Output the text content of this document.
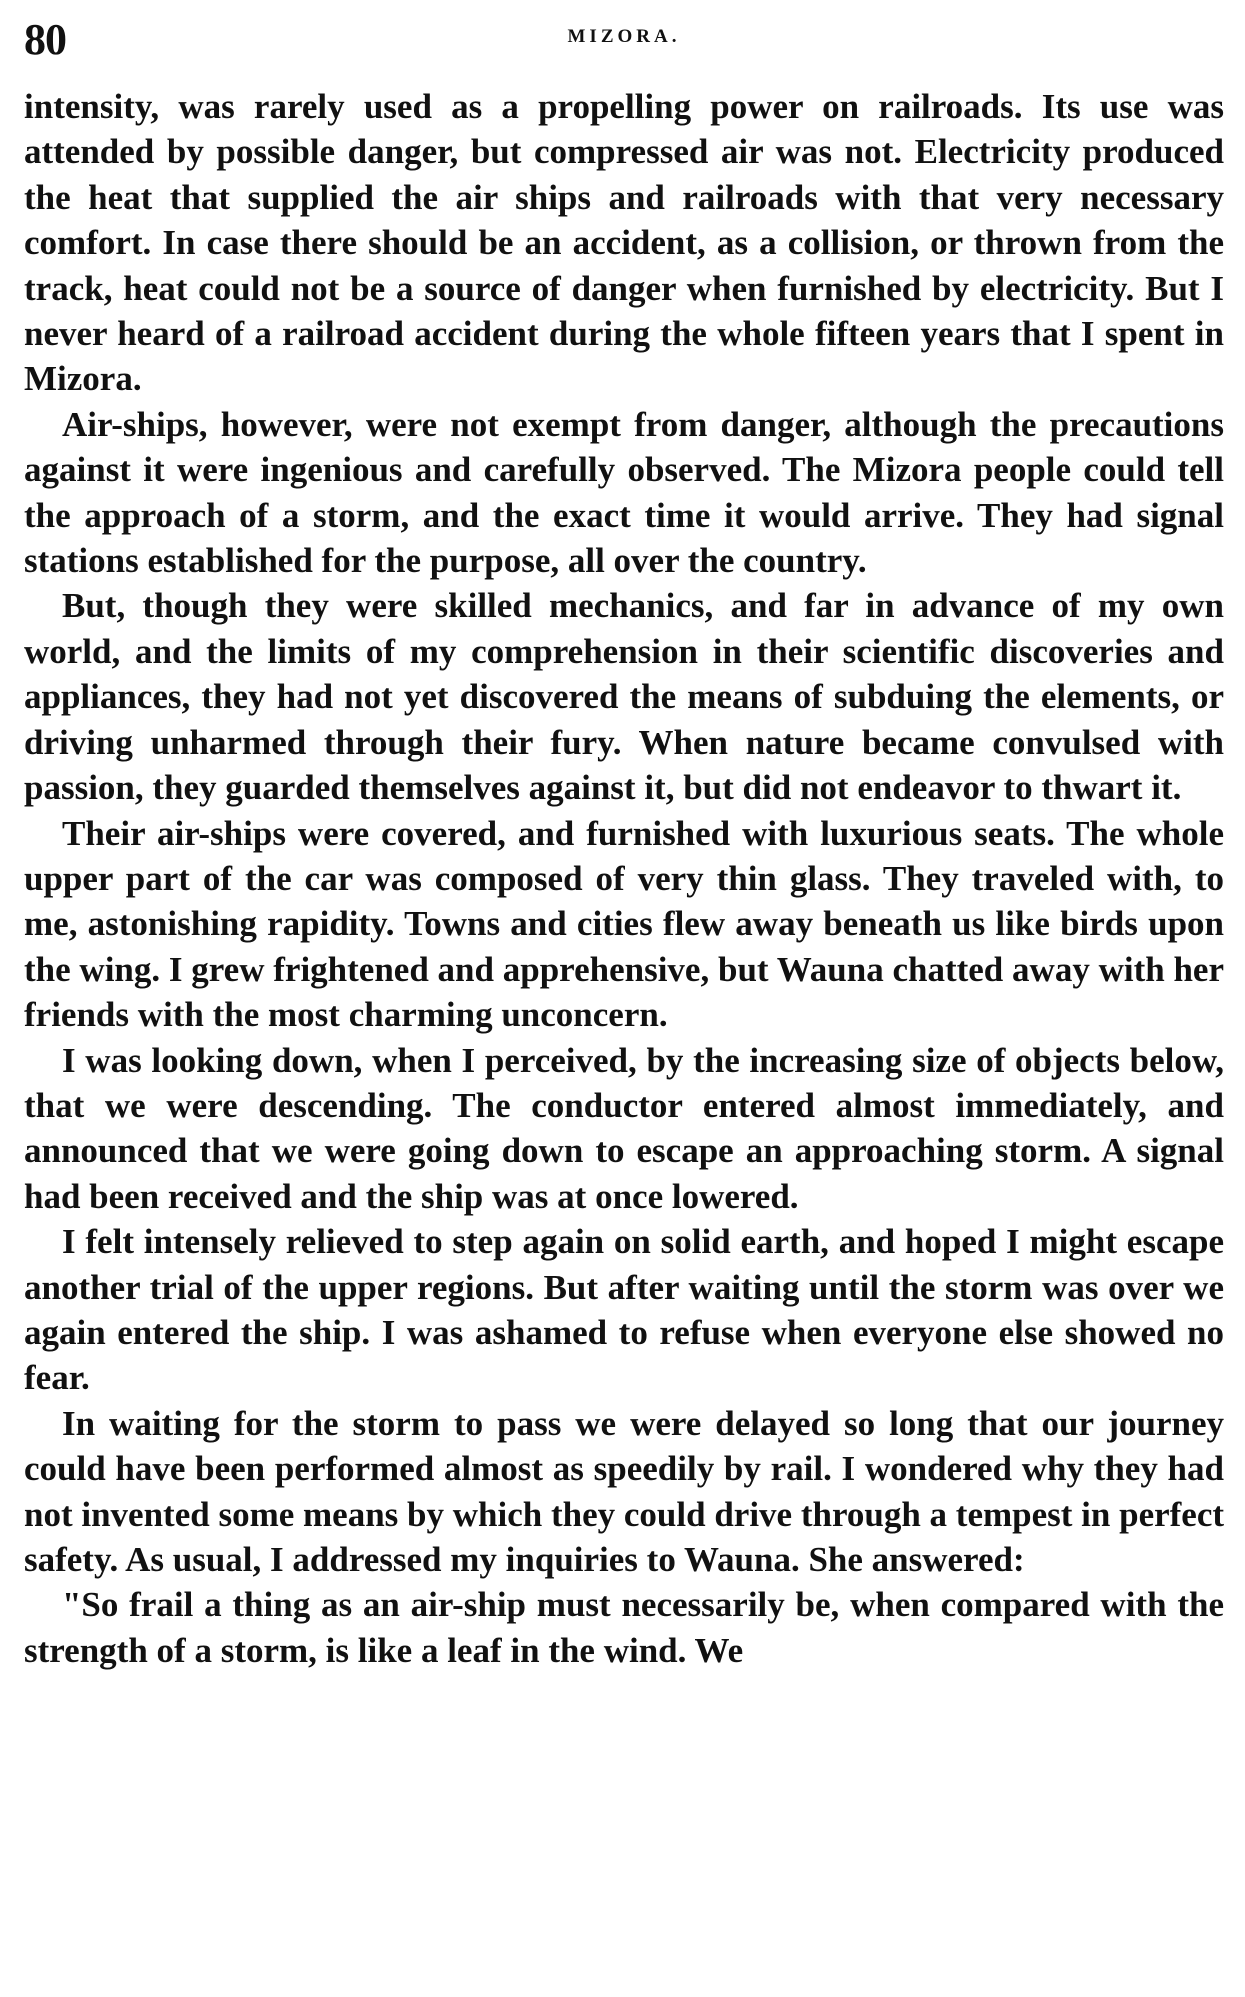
80	MIZORA.

intensity, was rarely used as a propelling power on railroads. Its use was attended by possible danger, but compressed air was not. Electricity produced the heat that supplied the air ships and railroads with that very necessary comfort. In case there should be an accident, as a collision, or thrown from the track, heat could not be a source of danger when furnished by electricity. But I never heard of a railroad accident during the whole fifteen years that I spent in Mizora.

Air-ships, however, were not exempt from danger, although the precautions against it were ingenious and carefully observed. The Mizora people could tell the approach of a storm, and the exact time it would arrive. They had signal stations established for the purpose, all over the country.

But, though they were skilled mechanics, and far in advance of my own world, and the limits of my comprehension in their scientific discoveries and appliances, they had not yet discovered the means of subduing the elements, or driving unharmed through their fury. When nature became convulsed with passion, they guarded themselves against it, but did not endeavor to thwart it.

Their air-ships were covered, and furnished with luxurious seats. The whole upper part of the car was composed of very thin glass. They traveled with, to me, astonishing rapidity. Towns and cities flew away beneath us like birds upon the wing. I grew frightened and apprehensive, but Wauna chatted away with her friends with the most charming unconcern.

I was looking down, when I perceived, by the increasing size of objects below, that we were descending. The conductor entered almost immediately, and announced that we were going down to escape an approaching storm. A signal had been received and the ship was at once lowered.

I felt intensely relieved to step again on solid earth, and hoped I might escape another trial of the upper regions. But after waiting until the storm was over we again entered the ship. I was ashamed to refuse when everyone else showed no fear.

In waiting for the storm to pass we were delayed so long that our journey could have been performed almost as speedily by rail. I wondered why they had not invented some means by which they could drive through a tempest in perfect safety. As usual, I addressed my inquiries to Wauna. She answered:

"So frail a thing as an air-ship must necessarily be, when compared with the strength of a storm, is like a leaf in the wind. We
